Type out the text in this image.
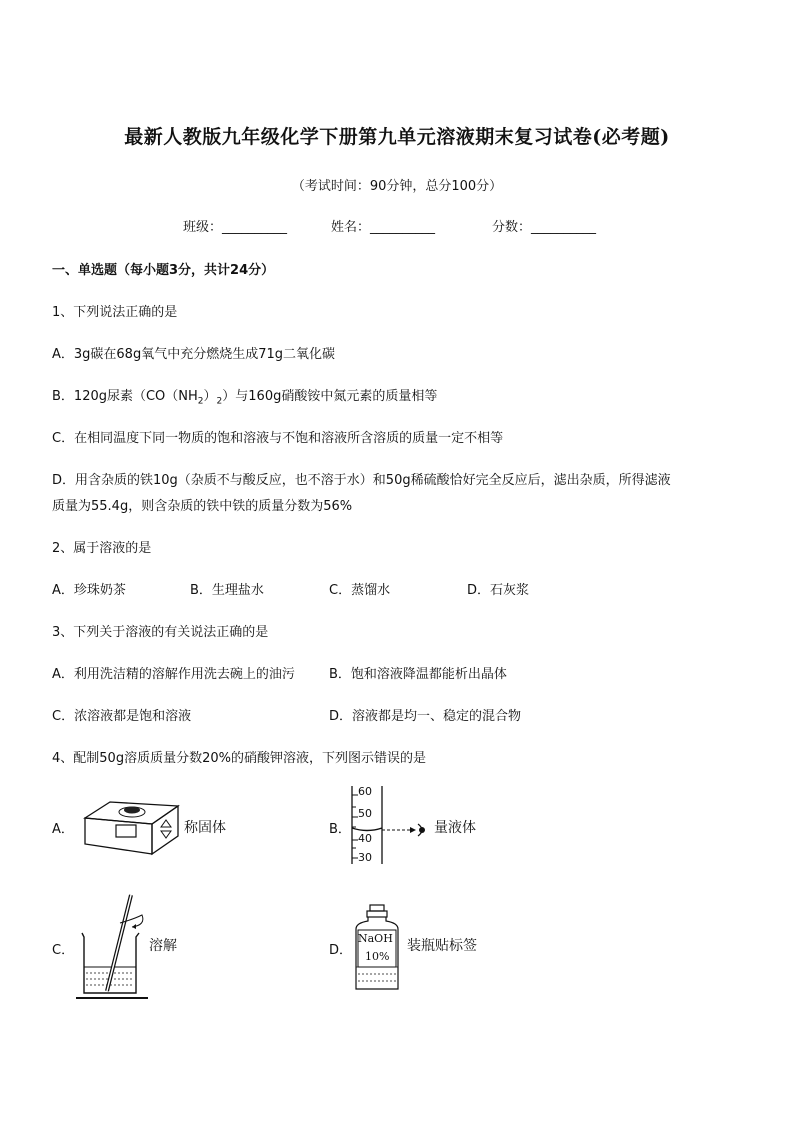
最新人教版九年级化学下册第九单元溶液期末复习试卷(必考题)
（考试时间：90分钟，总分100分）
班级：__________	姓名：__________	分数：__________
一、单选题（每小题3分，共计24分）
1、下列说法正确的是
A．3g碳在68g氧气中充分燃烧生成71g二氧化碳
B．120g尿素$(CO(NH_2)_2)$与160g硝酸铵中氮元素的质量相等
C．在相同温度下同一物质的饱和溶液与不饱和溶液所含溶质的质量一定不相等
D．用含杂质的铁10g（杂质不与酸反应，也不溶于水）和50g稀硫酸恰好完全反应后，滤出杂质，所得滤液
质量为55.4g，则含杂质的铁中铁的质量分数为56%
2、属于溶液的是
A．珍珠奶茶	B．生理盐水	C．蒸馏水	D．石灰浆
3、下列关于溶液的有关说法正确的是
A．利用洗洁精的溶解作用洗去碗上的油污	B．饱和溶液降温都能析出晶体
C．浓溶液都是饱和溶液	D．溶液都是均一、稳定的混合物
4、配制50g溶质质量分数20%的硝酸钾溶液，下列图示错误的是
A．	称固体	B．
60
50
40
30
量液体
C．	溶解	D．
NaOH
10%
装瓶贴标签
